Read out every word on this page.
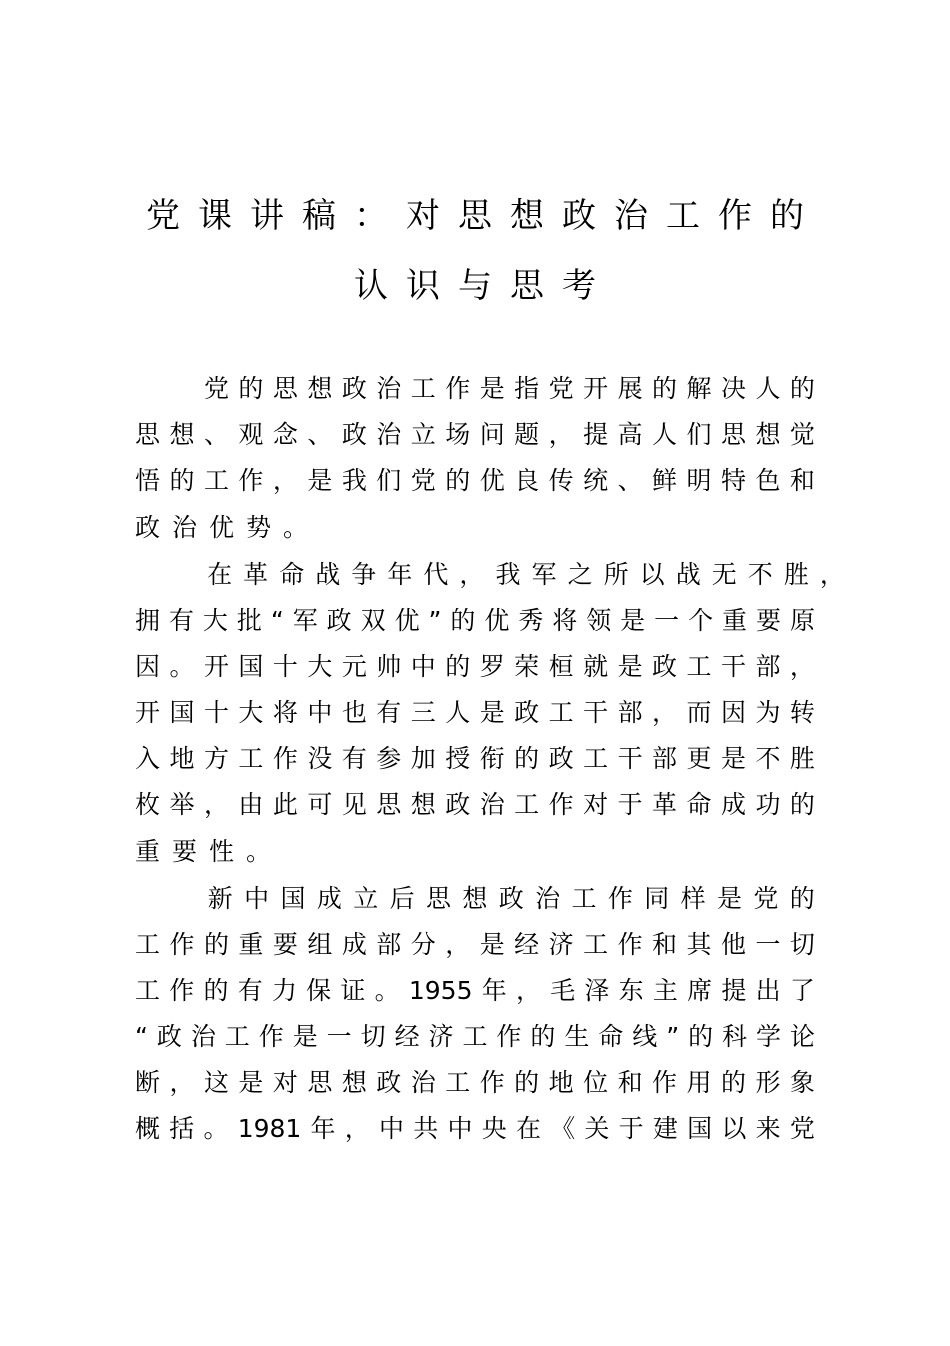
党课讲稿：对思想政治工作的
认识与思考

党 的 思 想 政 治 工 作 是 指 党 开 展 的 解 决 人 的
思 想 、 观 念 、 政 治 立 场 问 题 ， 提 高 人 们 思 想 觉
悟 的 工 作 ， 是 我 们 党 的 优 良 传 统 、 鲜 明 特 色 和
政治优势。

在 革 命 战 争 年 代 ， 我 军 之 所 以 战 无 不 胜 ，
拥 有 大 批 “ 军 政 双 优 ” 的 优 秀 将 领 是 一 个 重 要 原
因 。 开 国 十 大 元 帅 中 的 罗 荣 桓 就 是 政 工 干 部 ，
开 国 十 大 将 中 也 有 三 人 是 政 工 干 部 ， 而 因 为 转
入 地 方 工 作 没 有 参 加 授 衔 的 政 工 干 部 更 是 不 胜
枚 举 ， 由 此 可 见 思 想 政 治 工 作 对 于 革 命 成 功 的
重要性。

新 中 国 成 立 后 思 想 政 治 工 作 同 样 是 党 的
工 作 的 重 要 组 成 部 分 ， 是 经 济 工 作 和 其 他 一 切
工 作 的 有 力 保 证 。 1955 年 ， 毛 泽 东 主 席 提 出 了
“ 政 治 工 作 是 一 切 经 济 工 作 的 生 命 线 ” 的 科 学 论
断 ， 这 是 对 思 想 政 治 工 作 的 地 位 和 作 用 的 形 象
概 括 。 1981 年 ， 中 共 中 央 在 《 关 于 建 国 以 来 党
